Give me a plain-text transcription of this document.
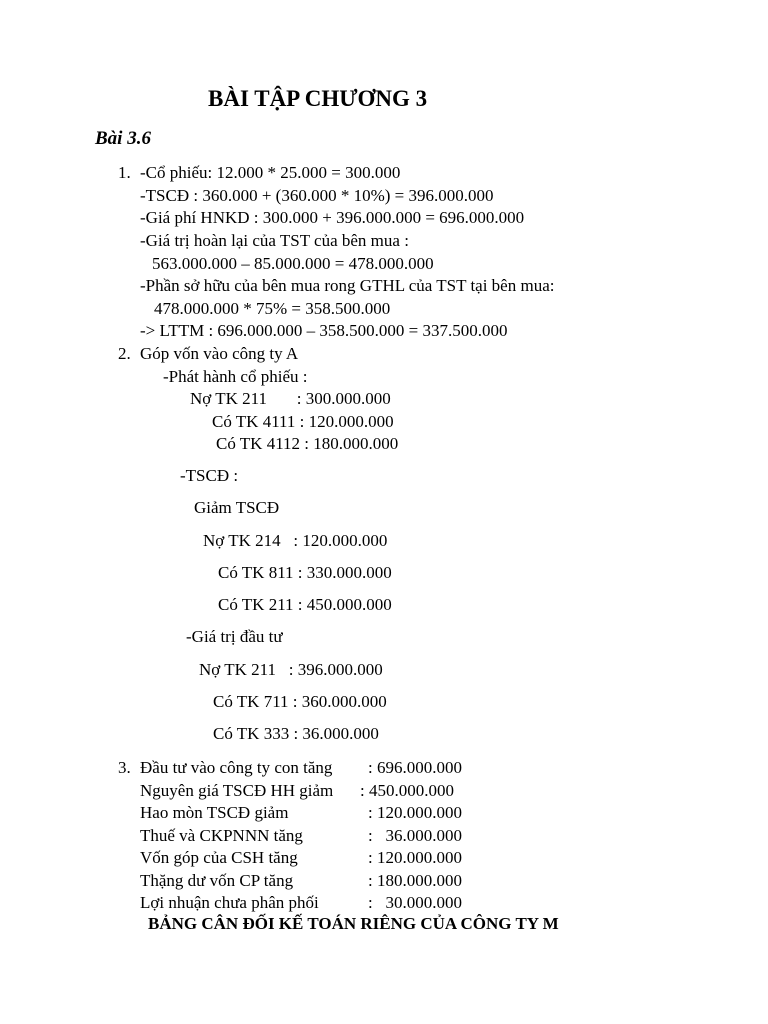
BÀI TẬP CHƯƠNG 3
Bài 3.6
1. -Cổ phiếu: 12.000 * 25.000 = 300.000
-TSCĐ : 360.000 + (360.000 * 10%) = 396.000.000
-Giá phí HNKD : 300.000 + 396.000.000 = 696.000.000
-Giá trị hoàn lại của TST của bên mua :
563.000.000 – 85.000.000 = 478.000.000
-Phần sở hữu của bên mua rong GTHL của TST tại bên mua:
478.000.000 * 75% = 358.500.000
-> LTTM : 696.000.000 – 358.500.000 = 337.500.000
2. Góp vốn vào công ty A
-Phát hành cổ phiếu :
Nợ TK 211       : 300.000.000
Có TK 4111 : 120.000.000
Có TK 4112 : 180.000.000
-TSCĐ :
Giảm TSCĐ
Nợ TK 214   : 120.000.000
Có TK 811 : 330.000.000
Có TK 211 : 450.000.000
-Giá trị đầu tư
Nợ TK 211   : 396.000.000
Có TK 711 : 360.000.000
Có TK 333 : 36.000.000
3. Đầu tư vào công ty con tăng : 696.000.000
Nguyên giá TSCĐ HH giảm : 450.000.000
Hao mòn TSCĐ giảm	: 120.000.000
Thuế và CKPNNN tăng	:   36.000.000
Vốn góp của CSH tăng	: 120.000.000
Thặng dư vốn CP tăng	: 180.000.000
Lợi nhuận chưa phân phối	:   30.000.000
BẢNG CÂN ĐỐI KẾ TOÁN RIÊNG CỦA CÔNG TY M
